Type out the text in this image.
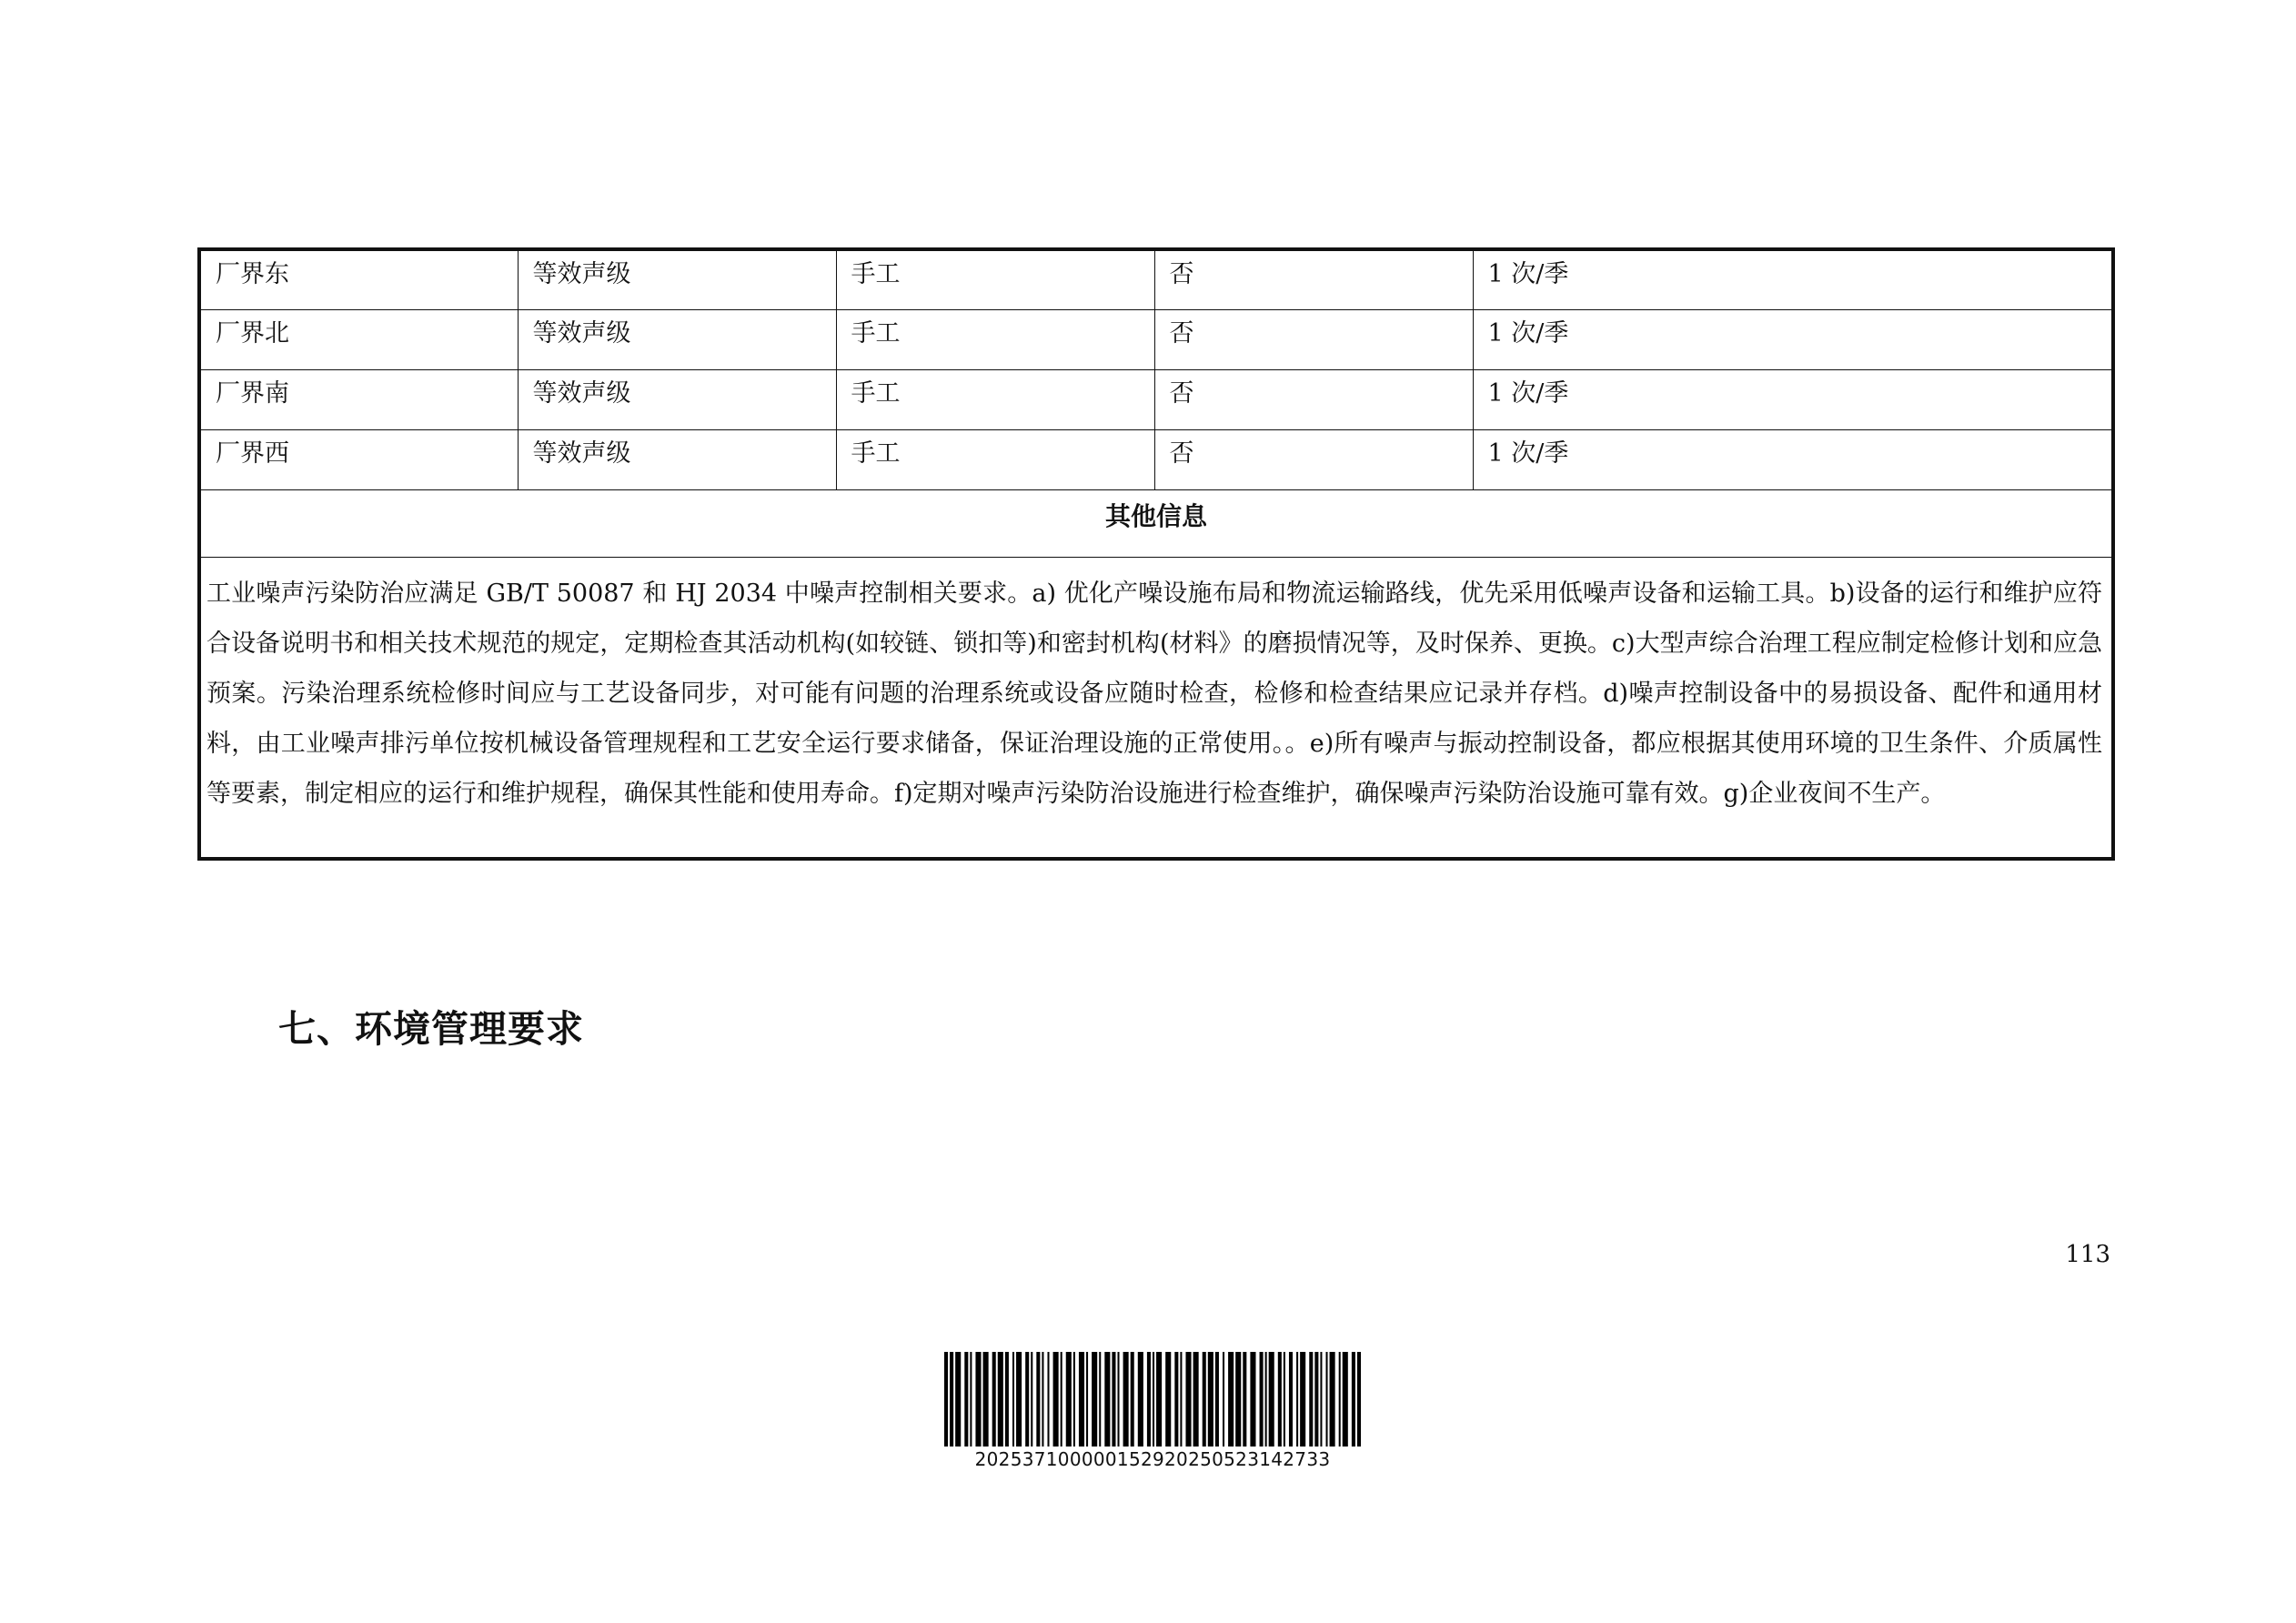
厂界东	等效声级	手工	否	1 次/季
厂界北	等效声级	手工	否	1 次/季
厂界南	等效声级	手工	否	1 次/季
厂界西	等效声级	手工	否	1 次/季
其他信息				
工业噪声污染防治应满足 GB/T 50087 和 HJ 2034 中噪声控制相关要求。a) 优化产噪设施布局和物流运输路线，优先采用低噪声设备和运输工具。b)设备的运行和维护应符合设备说明书和相关技术规范的规定，定期检查其活动机构(如较链、锁扣等)和密封机构(材料》的磨损情况等，及时保养、更换。c)大型声综合治理工程应制定检修计划和应急预案。污染治理系统检修时间应与工艺设备同步，对可能有问题的治理系统或设备应随时检查，检修和检查结果应记录并存档。d)噪声控制设备中的易损设备、配件和通用材料，由工业噪声排污单位按机械设备管理规程和工艺安全运行要求储备，保证治理设施的正常使用。。e)所有噪声与振动控制设备，都应根据其使用环境的卫生条件、介质属性等要素，制定相应的运行和维护规程，确保其性能和使用寿命。f)定期对噪声污染防治设施进行检查维护，确保噪声污染防治设施可靠有效。g)企业夜间不生产。				
七、环境管理要求
113
202537100000152920250523142733
